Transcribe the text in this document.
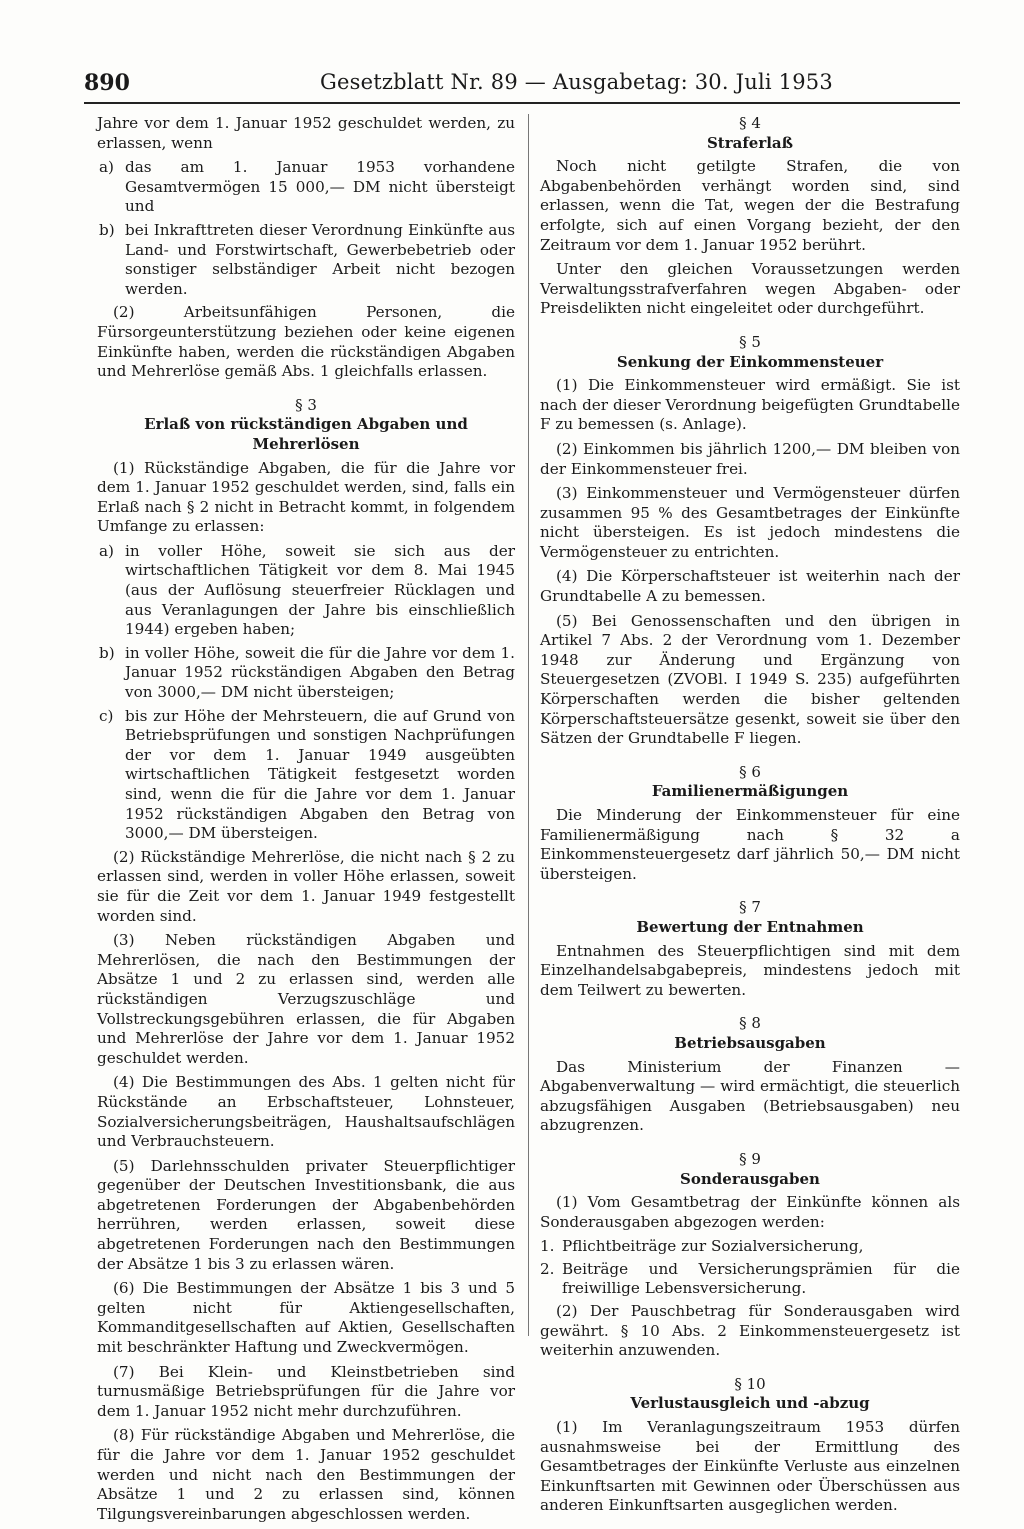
890	Gesetzblatt Nr. 89 — Ausgabetag: 30. Juli 1953

Jahre vor dem 1. Januar 1952 geschuldet werden, zu erlassen, wenn

a) das am 1. Januar 1953 vorhandene Gesamtvermögen 15 000,— DM nicht übersteigt und
b) bei Inkrafttreten dieser Verordnung Einkünfte aus Land- und Forstwirtschaft, Gewerbebetrieb oder sonstiger selbständiger Arbeit nicht bezogen werden.

(2) Arbeitsunfähigen Personen, die Fürsorgeunterstützung beziehen oder keine eigenen Einkünfte haben, werden die rückständigen Abgaben und Mehrerlöse gemäß Abs. 1 gleichfalls erlassen.

§ 3
Erlaß von rückständigen Abgaben und Mehrerlösen

(1) Rückständige Abgaben, die für die Jahre vor dem 1. Januar 1952 geschuldet werden, sind, falls ein Erlaß nach § 2 nicht in Betracht kommt, in folgendem Umfange zu erlassen:

a) in voller Höhe, soweit sie sich aus der wirtschaftlichen Tätigkeit vor dem 8. Mai 1945 (aus der Auflösung steuerfreier Rücklagen und aus Veranlagungen der Jahre bis einschließlich 1944) ergeben haben;
b) in voller Höhe, soweit die für die Jahre vor dem 1. Januar 1952 rückständigen Abgaben den Betrag von 3000,— DM nicht übersteigen;
c) bis zur Höhe der Mehrsteuern, die auf Grund von Betriebsprüfungen und sonstigen Nachprüfungen der vor dem 1. Januar 1949 ausgeübten wirtschaftlichen Tätigkeit festgesetzt worden sind, wenn die für die Jahre vor dem 1. Januar 1952 rückständigen Abgaben den Betrag von 3000,— DM übersteigen.

(2) Rückständige Mehrerlöse, die nicht nach § 2 zu erlassen sind, werden in voller Höhe erlassen, soweit sie für die Zeit vor dem 1. Januar 1949 festgestellt worden sind.

(3) Neben rückständigen Abgaben und Mehrerlösen, die nach den Bestimmungen der Absätze 1 und 2 zu erlassen sind, werden alle rückständigen Verzugszuschläge und Vollstreckungsgebühren erlassen, die für Abgaben und Mehrerlöse der Jahre vor dem 1. Januar 1952 geschuldet werden.

(4) Die Bestimmungen des Abs. 1 gelten nicht für Rückstände an Erbschaftsteuer, Lohnsteuer, Sozialversicherungsbeiträgen, Haushaltsaufschlägen und Verbrauchsteuern.

(5) Darlehnsschulden privater Steuerpflichtiger gegenüber der Deutschen Investitionsbank, die aus abgetretenen Forderungen der Abgabenbehörden herrühren, werden erlassen, soweit diese abgetretenen Forderungen nach den Bestimmungen der Absätze 1 bis 3 zu erlassen wären.

(6) Die Bestimmungen der Absätze 1 bis 3 und 5 gelten nicht für Aktiengesellschaften, Kommanditgesellschaften auf Aktien, Gesellschaften mit beschränkter Haftung und Zweckvermögen.

(7) Bei Klein- und Kleinstbetrieben sind turnusmäßige Betriebsprüfungen für die Jahre vor dem 1. Januar 1952 nicht mehr durchzuführen.

(8) Für rückständige Abgaben und Mehrerlöse, die für die Jahre vor dem 1. Januar 1952 geschuldet werden und nicht nach den Bestimmungen der Absätze 1 und 2 zu erlassen sind, können Tilgungsvereinbarungen abgeschlossen werden.

§ 4
Straferlaß

Noch nicht getilgte Strafen, die von Abgabenbehörden verhängt worden sind, sind erlassen, wenn die Tat, wegen der die Bestrafung erfolgte, sich auf einen Vorgang bezieht, der den Zeitraum vor dem 1. Januar 1952 berührt.

Unter den gleichen Voraussetzungen werden Verwaltungsstrafverfahren wegen Abgaben- oder Preisdelikten nicht eingeleitet oder durchgeführt.

§ 5
Senkung der Einkommensteuer

(1) Die Einkommensteuer wird ermäßigt. Sie ist nach der dieser Verordnung beigefügten Grundtabelle F zu bemessen (s. Anlage).

(2) Einkommen bis jährlich 1200,— DM bleiben von der Einkommensteuer frei.

(3) Einkommensteuer und Vermögensteuer dürfen zusammen 95 % des Gesamtbetrages der Einkünfte nicht übersteigen. Es ist jedoch mindestens die Vermögensteuer zu entrichten.

(4) Die Körperschaftsteuer ist weiterhin nach der Grundtabelle A zu bemessen.

(5) Bei Genossenschaften und den übrigen in Artikel 7 Abs. 2 der Verordnung vom 1. Dezember 1948 zur Änderung und Ergänzung von Steuergesetzen (ZVOBl. I 1949 S. 235) aufgeführten Körperschaften werden die bisher geltenden Körperschaftsteuersätze gesenkt, soweit sie über den Sätzen der Grundtabelle F liegen.

§ 6
Familienermäßigungen

Die Minderung der Einkommensteuer für eine Familienermäßigung nach § 32 a Einkommensteuergesetz darf jährlich 50,— DM nicht übersteigen.

§ 7
Bewertung der Entnahmen

Entnahmen des Steuerpflichtigen sind mit dem Einzelhandelsabgabepreis, mindestens jedoch mit dem Teilwert zu bewerten.

§ 8
Betriebsausgaben

Das Ministerium der Finanzen — Abgabenverwaltung — wird ermächtigt, die steuerlich abzugsfähigen Ausgaben (Betriebsausgaben) neu abzugrenzen.

§ 9
Sonderausgaben

(1) Vom Gesamtbetrag der Einkünfte können als Sonderausgaben abgezogen werden:

1. Pflichtbeiträge zur Sozialversicherung,
2. Beiträge und Versicherungsprämien für die freiwillige Lebensversicherung.

(2) Der Pauschbetrag für Sonderausgaben wird gewährt. § 10 Abs. 2 Einkommensteuergesetz ist weiterhin anzuwenden.

§ 10
Verlustausgleich und -abzug

(1) Im Veranlagungszeitraum 1953 dürfen ausnahmsweise bei der Ermittlung des Gesamtbetrages der Einkünfte Verluste aus einzelnen Einkunftsarten mit Gewinnen oder Überschüssen aus anderen Einkunftsarten ausgeglichen werden.
